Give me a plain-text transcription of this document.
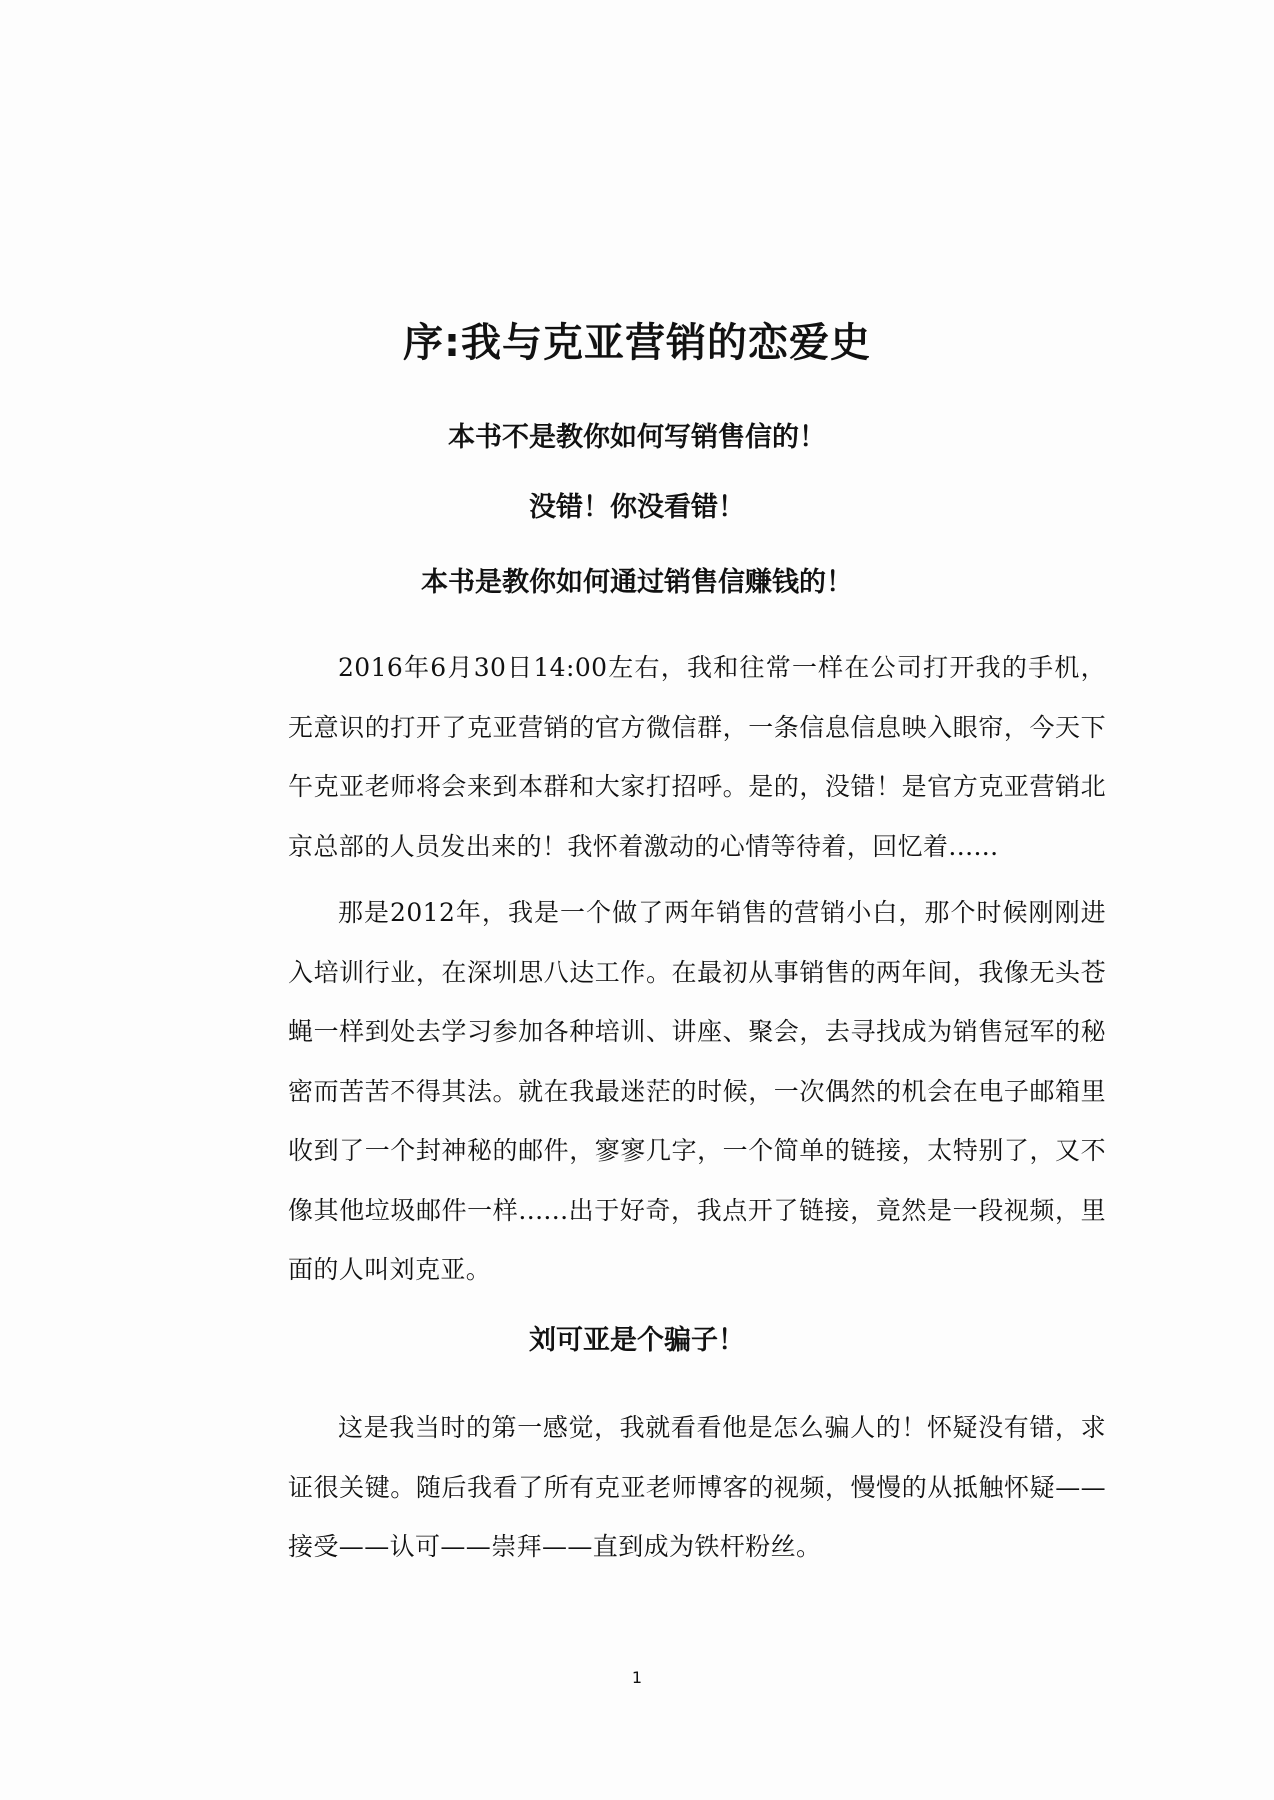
序:我与克亚营销的恋爱史
本书不是教你如何写销售信的！
没错！你没看错！
本书是教你如何通过销售信赚钱的！

2016年6月30日14:00左右，我和往常一样在公司打开我的手机，无意识的打开了克亚营销的官方微信群，一条信息信息映入眼帘，今天下午克亚老师将会来到本群和大家打招呼。是的，没错！是官方克亚营销北京总部的人员发出来的！我怀着激动的心情等待着，回忆着......

那是2012年，我是一个做了两年销售的营销小白，那个时候刚刚进入培训行业，在深圳思八达工作。在最初从事销售的两年间，我像无头苍蝇一样到处去学习参加各种培训、讲座、聚会，去寻找成为销售冠军的秘密而苦苦不得其法。就在我最迷茫的时候，一次偶然的机会在电子邮箱里收到了一个封神秘的邮件，寥寥几字，一个简单的链接，太特别了，又不像其他垃圾邮件一样......出于好奇，我点开了链接，竟然是一段视频，里面的人叫刘克亚。

刘可亚是个骗子！

这是我当时的第一感觉，我就看看他是怎么骗人的！怀疑没有错，求证很关键。随后我看了所有克亚老师博客的视频，慢慢的从抵触怀疑——接受——认可——崇拜——直到成为铁杆粉丝。

1
